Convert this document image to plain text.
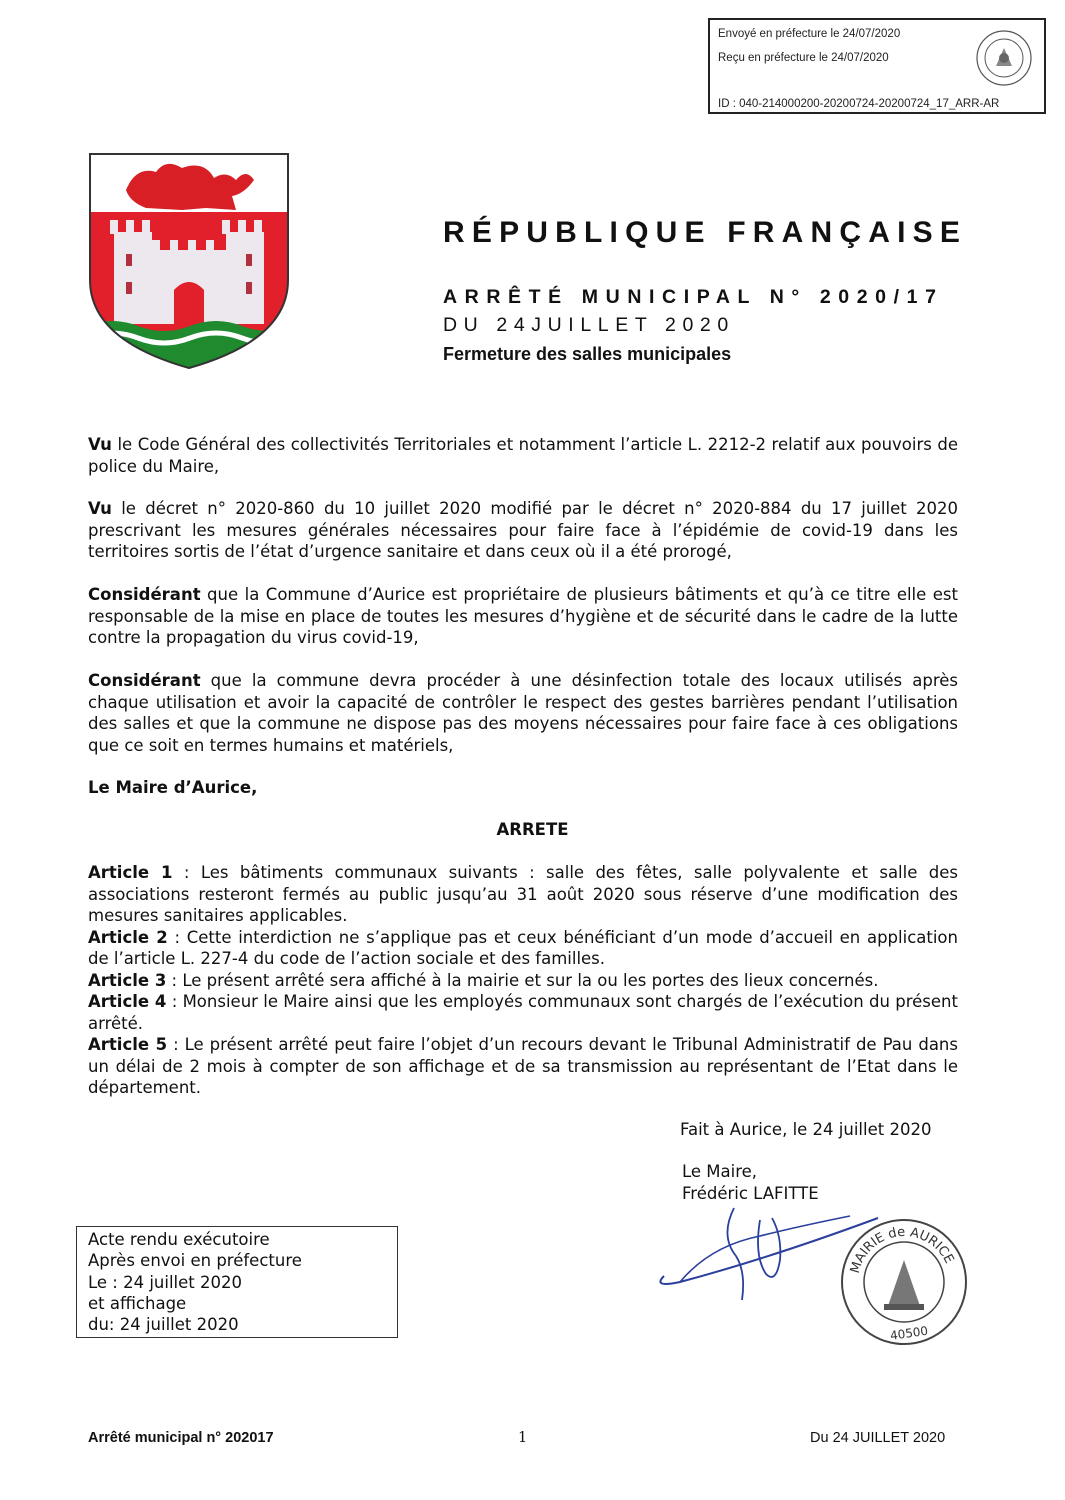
Envoyé en préfecture le 24/07/2020
Reçu en préfecture le 24/07/2020
ID : 040-214000200-20200724-20200724_17_ARR-AR
RÉPUBLIQUE FRANÇAISE
ARRÊTÉ MUNICIPAL N° 2020/17
DU 24JUILLET 2020
Fermeture des salles municipales
Vu le Code Général des collectivités Territoriales et notamment l’article L. 2212-2 relatif aux pouvoirs de police du Maire,
Vu le décret n° 2020-860 du 10 juillet 2020 modifié par le décret n° 2020-884 du 17 juillet 2020 prescrivant les mesures générales nécessaires pour faire face à l’épidémie de covid-19 dans les territoires sortis de l’état d’urgence sanitaire et dans ceux où il a été prorogé,
Considérant que la Commune d’Aurice est propriétaire de plusieurs bâtiments et qu’à ce titre elle est responsable de la mise en place de toutes les mesures d’hygiène et de sécurité dans le cadre de la lutte contre la propagation du virus covid-19,
Considérant que la commune devra procéder à une désinfection totale des locaux utilisés après chaque utilisation et avoir la capacité de contrôler le respect des gestes barrières pendant l’utilisation des salles et que la commune ne dispose pas des moyens nécessaires pour faire face à ces obligations que ce soit en termes humains et matériels,
Le Maire d’Aurice,
ARRETE
Article 1 : Les bâtiments communaux suivants : salle des fêtes, salle polyvalente et salle des associations resteront fermés au public jusqu’au 31 août 2020 sous réserve d’une modification des mesures sanitaires applicables.
Article 2 : Cette interdiction ne s’applique pas et ceux bénéficiant d’un mode d’accueil en application de l’article L. 227-4 du code de l’action sociale et des familles.
Article 3 : Le présent arrêté sera affiché à la mairie et sur la ou les portes des lieux concernés.
Article 4 : Monsieur le Maire ainsi que les employés communaux sont chargés de l’exécution du présent arrêté.
Article 5 : Le présent arrêté peut faire l’objet d’un recours devant le Tribunal Administratif de Pau dans un délai de 2 mois à compter de son affichage et de sa transmission au représentant de l’Etat dans le département.
Fait à Aurice, le 24 juillet 2020
Le Maire,
Frédéric LAFITTE
MAIRIE de AURICE
40500
Acte rendu exécutoire
Après envoi en préfecture
Le : 24 juillet 2020
et affichage
du: 24 juillet 2020
Arrêté municipal n° 202017	1	Du 24 JUILLET 2020
